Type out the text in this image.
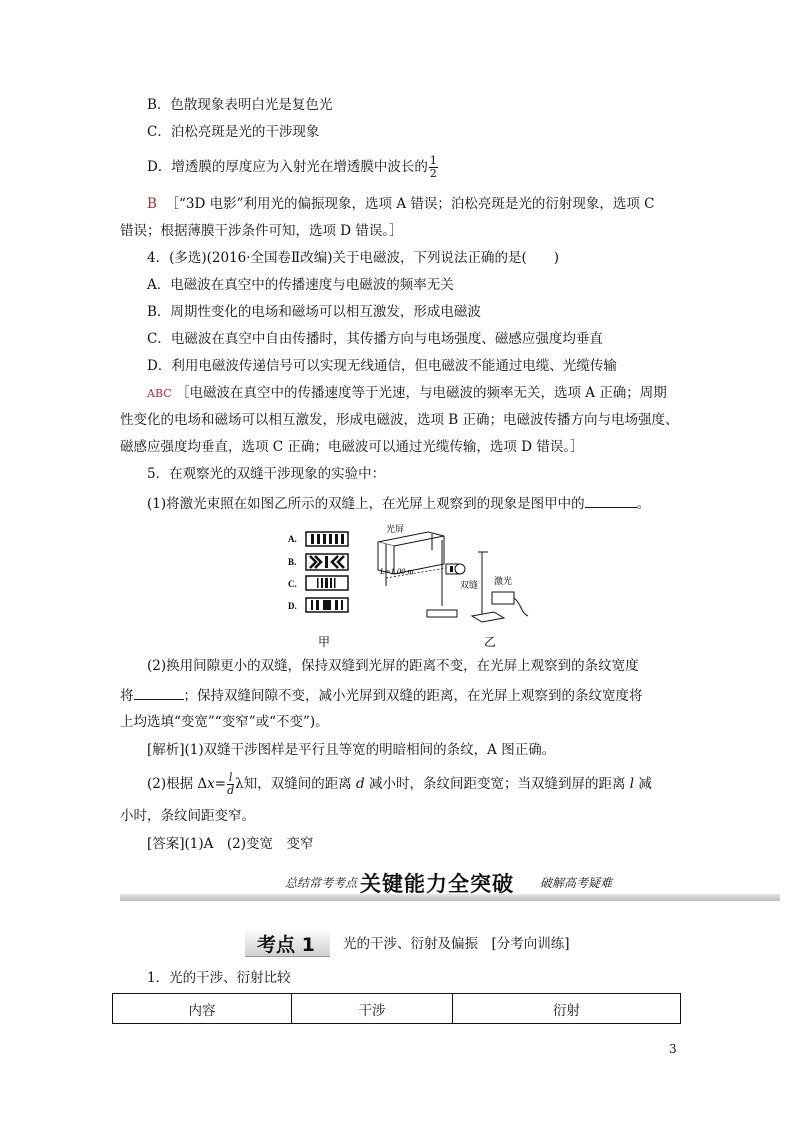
B．色散现象表明白光是复色光
C．泊松亮斑是光的干涉现象
D．增透膜的厚度应为入射光在增透膜中波长的 $\frac{1}{2}$
B ［“3D 电影”利用光的偏振现象，选项 A 错误；泊松亮斑是光的衍射现象，选项 C
错误；根据薄膜干涉条件可知，选项 D 错误。］
4．(多选)(2016·全国卷Ⅱ改编)关于电磁波，下列说法正确的是(　　)
A．电磁波在真空中的传播速度与电磁波的频率无关
B．周期性变化的电场和磁场可以相互激发，形成电磁波
C．电磁波在真空中自由传播时，其传播方向与电场强度、磁感应强度均垂直
D．利用电磁波传递信号可以实现无线通信，但电磁波不能通过电缆、光缆传输
ABC ［电磁波在真空中的传播速度等于光速，与电磁波的频率无关，选项 A 正确；周期
性变化的电场和磁场可以相互激发，形成电磁波，选项 B 正确；电磁波传播方向与电场强度、
磁感应强度均垂直，选项 C 正确；电磁波可以通过光缆传输，选项 D 错误。］
5．在观察光的双缝干涉现象的实验中：
(1)将激光束照在如图乙所示的双缝上，在光屏上观察到的现象是图甲中的	。
A.
B.
C.
D.
甲
光屏
L=1.00 m
双缝 激光
乙
(2)换用间隙更小的双缝，保持双缝到光屏的距离不变，在光屏上观察到的条纹宽度
将	；保持双缝间隙不变，减小光屏到双缝的距离，在光屏上观察到的条纹宽度将
上均选填“变宽”“变窄”或“不变”)。
[解析](1)双缝干涉图样是平行且等宽的明暗相间的条纹，A 图正确。
(2)根据 $\Delta x= \frac{l}{d}$ λ知，双缝间的距离 d 减小时，条纹间距变宽；当双缝到屏的距离 l 减
小时，条纹间距变窄。
[答案](1)A　(2)变宽　变窄
总结常考考点 关键能力全突破 破解高考疑难
考点 1 光的干涉、衍射及偏振　[分考向训练]
1．光的干涉、衍射比较
内容	干涉	衍射
3
